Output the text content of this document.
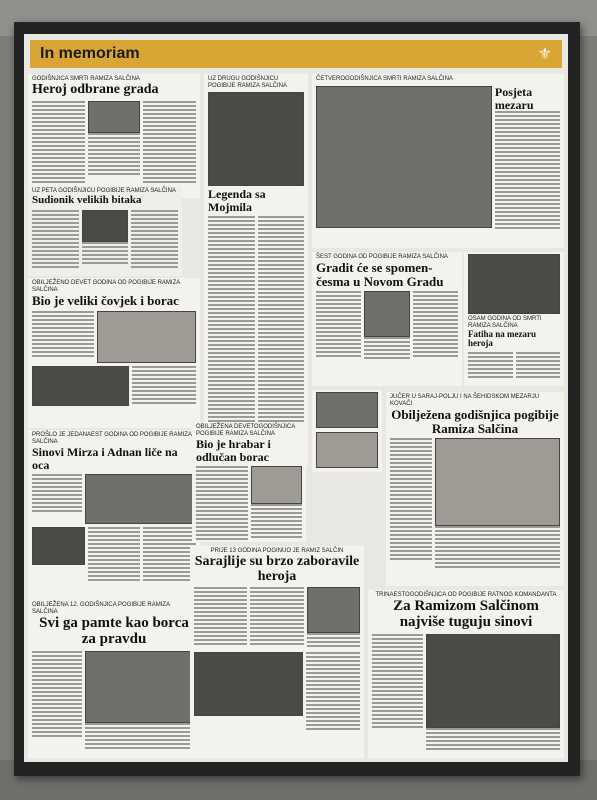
In memoriam	⚜
GODIŠNJICA SMRTI RAMIZA SALČINA
Heroj odbrane grada
UZ PETA GODIŠNJICU POGIBIJE RAMIZA SALČINA
Sudionik velikih bitaka
OBILJEŽENO DEVET GODINA OD POGIBIJE RAMIZA SALČINA
Bio je veliki čovjek i borac
PROŠLO JE JEDANAEST GODINA OD POGIBIJE RAMIZA SALČINA
Sinovi Mirza i Adnan liče na oca
OBILJEŽENA 12. GODIŠNJICA POGIBIJE RAMIZA SALČINA
Svi ga pamte kao borca za pravdu
UZ DRUGU GODIŠNJICU POGIBIJE RAMIZA SALČINA
Legenda sa Mojmila
OBILJEŽENA DEVETOGODIŠNJICA POGIBIJE RAMIZA SALČINA
Bio je hrabar i odlučan borac
PRIJE 13 GODINA POGINUO JE RAMIZ SALČIN
Sarajlije su brzo zaboravile heroja
ČETVEROGODIŠNJICA SMRTI RAMIZA SALČINA
Posjeta mezaru
ŠEST GODINA OD POGIBIJE RAMIZA SALČINA
Gradit će se spomen-česma u Novom Gradu
OSAM GODINA OD SMRTI RAMIZA SALČINA
Fatiha na mezaru heroja
JUČER U SARAJ-POLJU I NA ŠEHIDSKOM MEZARJU KOVAČI
Obilježena godišnjica pogibije Ramiza Salčina
TRINAESTOGODIŠNJICA OD POGIBIJE RATNOG KOMANDANTA
Za Ramizom Salčinom najviše tuguju sinovi
